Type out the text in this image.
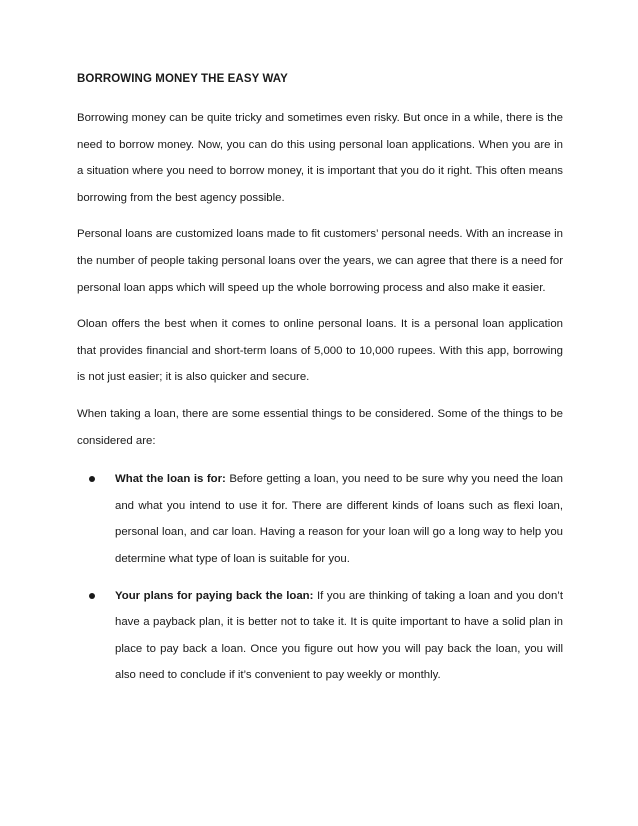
BORROWING MONEY THE EASY WAY

Borrowing money can be quite tricky and sometimes even risky. But once in a while, there is the need to borrow money. Now, you can do this using personal loan applications. When you are in a situation where you need to borrow money, it is important that you do it right. This often means borrowing from the best agency possible.

Personal loans are customized loans made to fit customers’ personal needs. With an increase in the number of people taking personal loans over the years, we can agree that there is a need for personal loan apps which will speed up the whole borrowing process and also make it easier.

Oloan offers the best when it comes to online personal loans. It is a personal loan application that provides financial and short-term loans of 5,000 to 10,000 rupees. With this app, borrowing is not just easier; it is also quicker and secure.

When taking a loan, there are some essential things to be considered. Some of the things to be considered are:

What the loan is for: Before getting a loan, you need to be sure why you need the loan and what you intend to use it for. There are different kinds of loans such as flexi loan, personal loan, and car loan. Having a reason for your loan will go a long way to help you determine what type of loan is suitable for you.
Your plans for paying back the loan: If you are thinking of taking a loan and you don’t have a payback plan, it is better not to take it. It is quite important to have a solid plan in place to pay back a loan. Once you figure out how you will pay back the loan, you will also need to conclude if it’s convenient to pay weekly or monthly.
